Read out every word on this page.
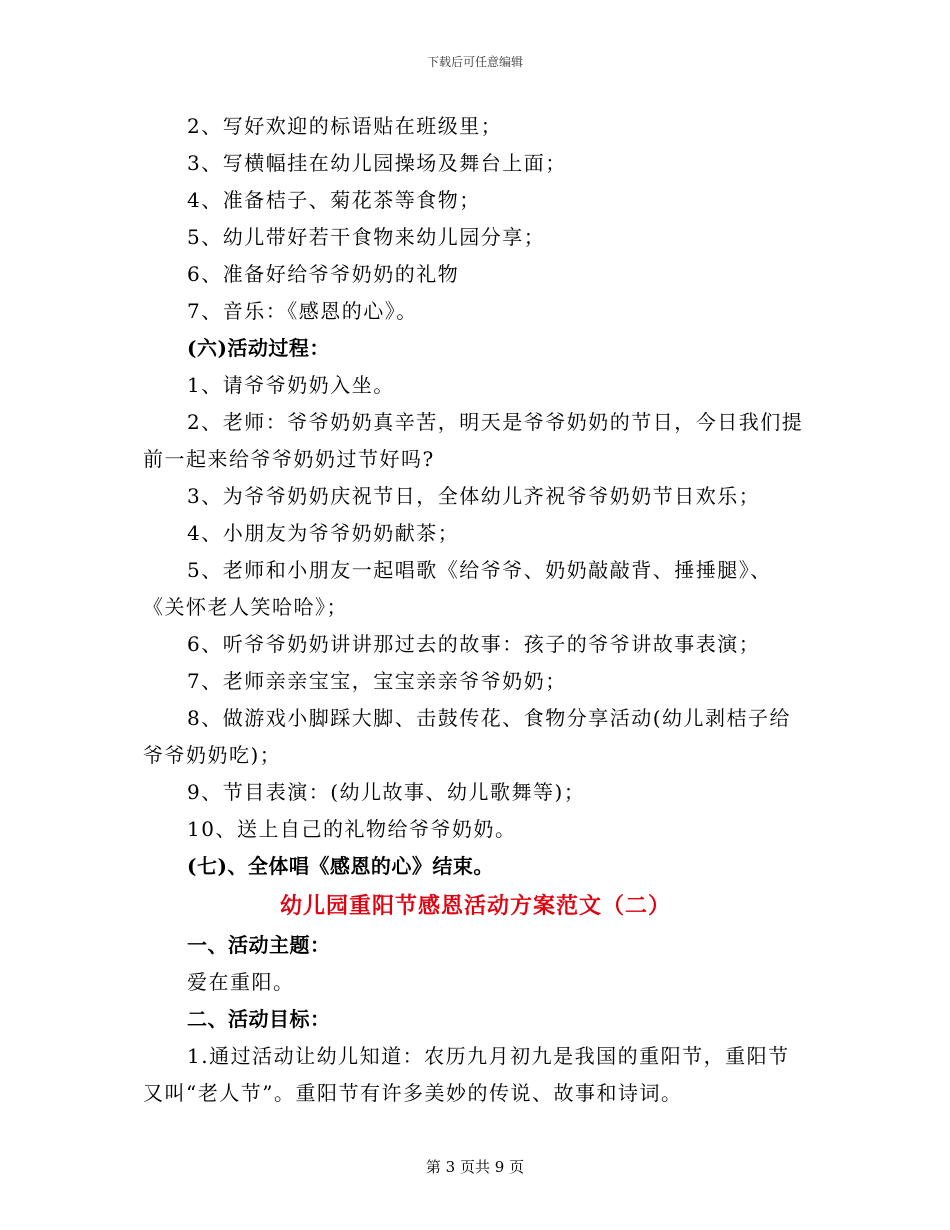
下载后可任意编辑
2、写好欢迎的标语贴在班级里；
3、写横幅挂在幼儿园操场及舞台上面；
4、准备桔子、菊花茶等食物；
5、幼儿带好若干食物来幼儿园分享；
6、准备好给爷爷奶奶的礼物
7、音乐：《感恩的心》。
(六)活动过程：
1、请爷爷奶奶入坐。
2、老师：爷爷奶奶真辛苦，明天是爷爷奶奶的节日，今日我们提
前一起来给爷爷奶奶过节好吗?
3、为爷爷奶奶庆祝节日，全体幼儿齐祝爷爷奶奶节日欢乐；
4、小朋友为爷爷奶奶献茶；
5、老师和小朋友一起唱歌《给爷爷、奶奶敲敲背、捶捶腿》、
《关怀老人笑哈哈》；
6、听爷爷奶奶讲讲那过去的故事：孩子的爷爷讲故事表演；
7、老师亲亲宝宝，宝宝亲亲爷爷奶奶；
8、做游戏小脚踩大脚、击鼓传花、食物分享活动(幼儿剥桔子给
爷爷奶奶吃)；
9、节目表演：(幼儿故事、幼儿歌舞等)；
10、送上自己的礼物给爷爷奶奶。
(七)、全体唱《感恩的心》结束。
幼儿园重阳节感恩活动方案范文（二）
一、活动主题：
爱在重阳。
二、活动目标：
1.通过活动让幼儿知道：农历九月初九是我国的重阳节，重阳节
又叫“老人节”。重阳节有许多美妙的传说、故事和诗词。
第 3 页共 9 页
